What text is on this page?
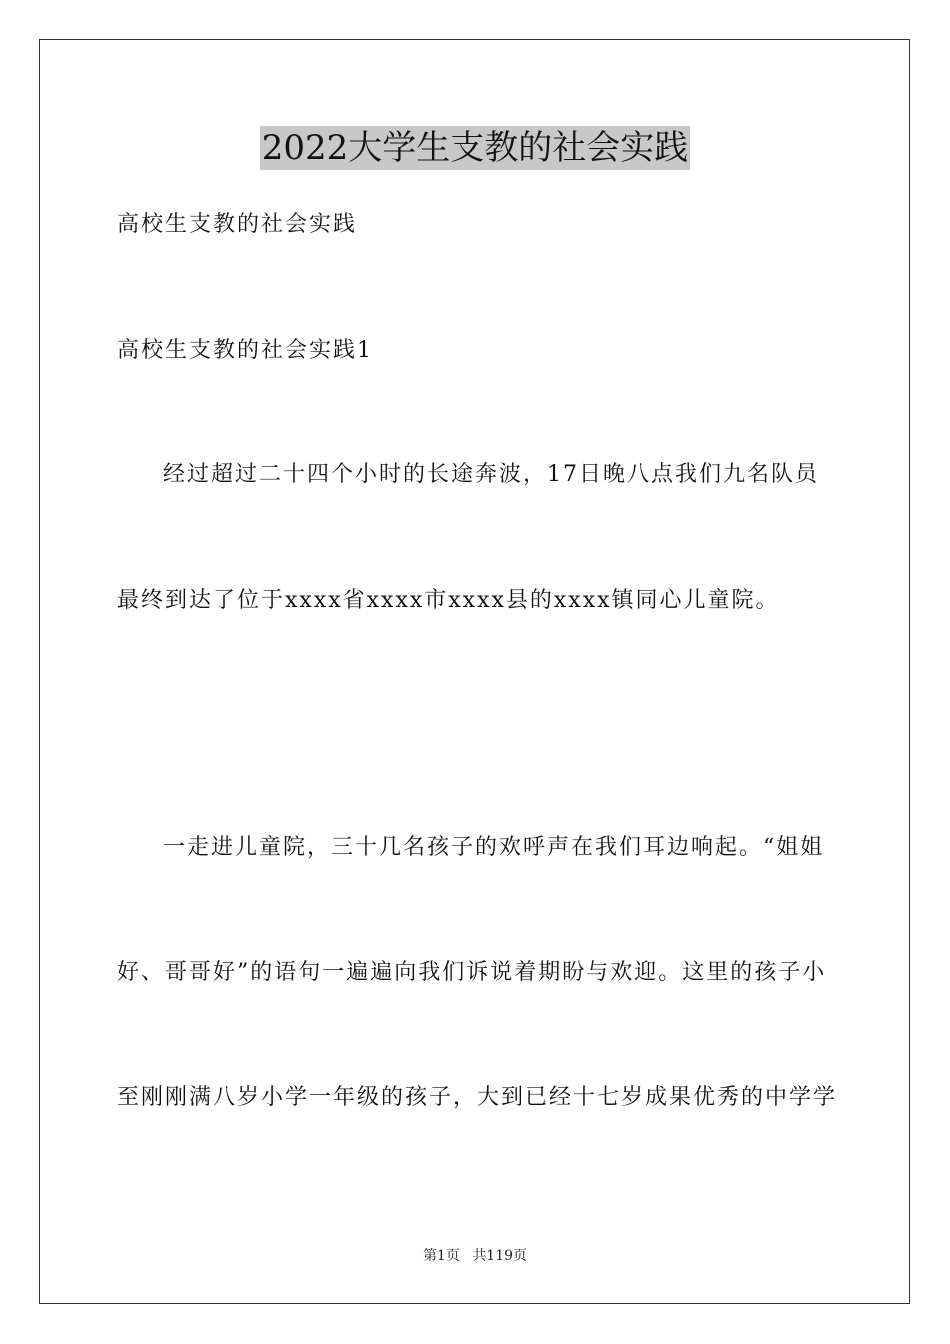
2022大学生支教的社会实践
高校生支教的社会实践
高校生支教的社会实践1
经过超过二十四个小时的长途奔波，17日晚八点我们九名队员
最终到达了位于xxxx省xxxx市xxxx县的xxxx镇同心儿童院。
一走进儿童院，三十几名孩子的欢呼声在我们耳边响起。“姐姐
好、哥哥好”的语句一遍遍向我们诉说着期盼与欢迎。这里的孩子小
至刚刚满八岁小学一年级的孩子，大到已经十七岁成果优秀的中学学
第1页 共119页
